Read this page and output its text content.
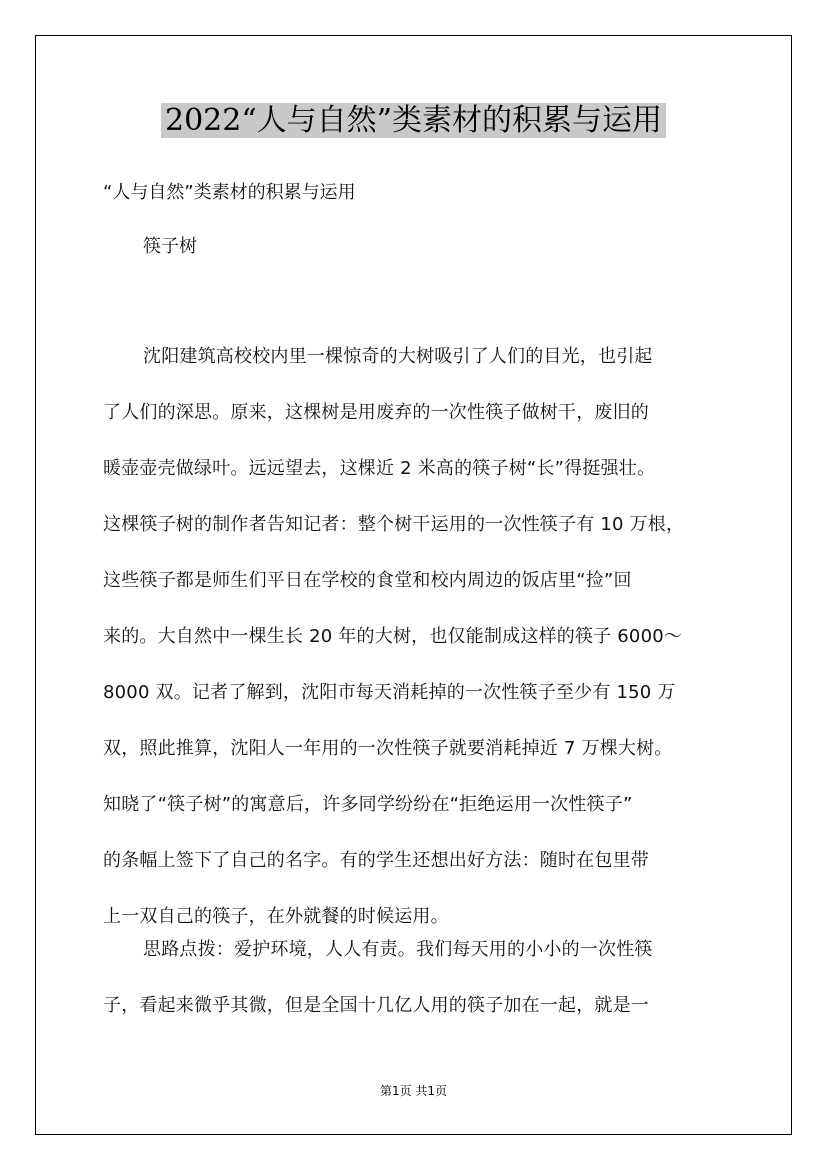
2022“人与自然”类素材的积累与运用
“人与自然”类素材的积累与运用
筷子树
沈阳建筑高校校内里一棵惊奇的大树吸引了人们的目光，也引起
了人们的深思。原来，这棵树是用废弃的一次性筷子做树干，废旧的
暖壶壶壳做绿叶。远远望去，这棵近 2 米高的筷子树“长”得挺强壮。
这棵筷子树的制作者告知记者：整个树干运用的一次性筷子有 10 万根，
这些筷子都是师生们平日在学校的食堂和校内周边的饭店里“捡”回
来的。大自然中一棵生长 20 年的大树，也仅能制成这样的筷子 6000～
8000 双。记者了解到，沈阳市每天消耗掉的一次性筷子至少有 150 万
双，照此推算，沈阳人一年用的一次性筷子就要消耗掉近 7 万棵大树。
知晓了“筷子树”的寓意后，许多同学纷纷在“拒绝运用一次性筷子”
的条幅上签下了自己的名字。有的学生还想出好方法：随时在包里带
上一双自己的筷子，在外就餐的时候运用。
思路点拨：爱护环境，人人有责。我们每天用的小小的一次性筷
子，看起来微乎其微，但是全国十几亿人用的筷子加在一起，就是一
第1页 共1页
